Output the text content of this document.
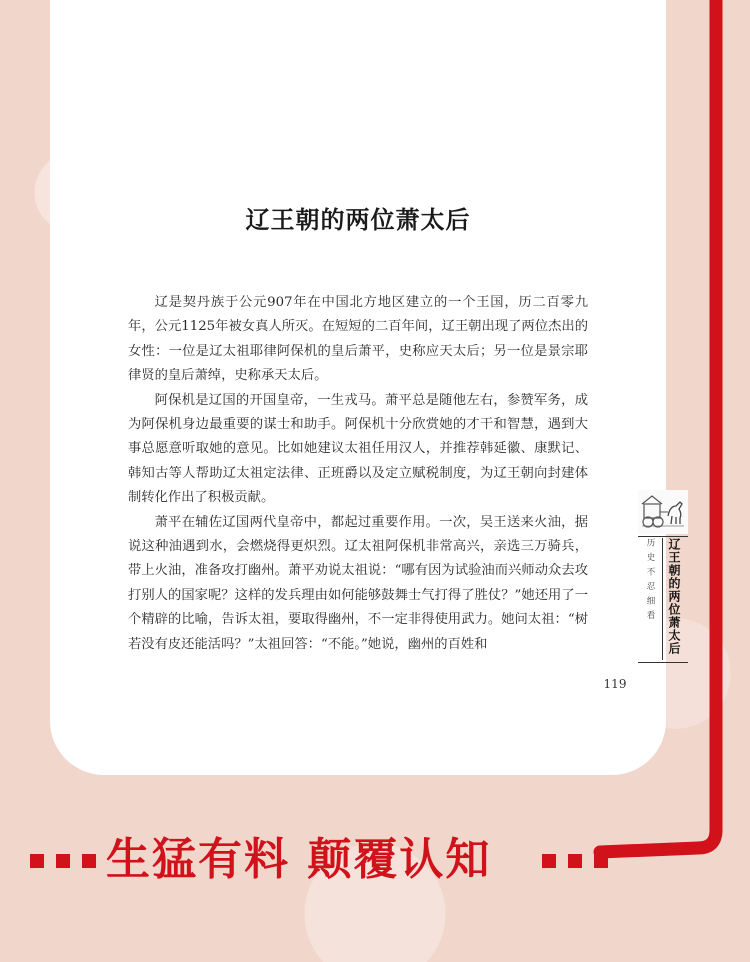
辽王朝的两位萧太后

辽是契丹族于公元907年在中国北方地区建立的一个王国，历二百零九年，公元1125年被女真人所灭。在短短的二百年间，辽王朝出现了两位杰出的女性：一位是辽太祖耶律阿保机的皇后萧平，史称应天太后；另一位是景宗耶律贤的皇后萧绰，史称承天太后。

阿保机是辽国的开国皇帝，一生戎马。萧平总是随他左右，参赞军务，成为阿保机身边最重要的谋士和助手。阿保机十分欣赏她的才干和智慧，遇到大事总愿意听取她的意见。比如她建议太祖任用汉人，并推荐韩延徽、康默记、韩知古等人帮助辽太祖定法律、正班爵以及定立赋税制度，为辽王朝向封建体制转化作出了积极贡献。

萧平在辅佐辽国两代皇帝中，都起过重要作用。一次，吴王送来火油，据说这种油遇到水，会燃烧得更炽烈。辽太祖阿保机非常高兴，亲选三万骑兵，带上火油，准备攻打幽州。萧平劝说太祖说：“哪有因为试验油而兴师动众去攻打别人的国家呢？这样的发兵理由如何能够鼓舞士气打得了胜仗？”她还用了一个精辟的比喻，告诉太祖，要取得幽州，不一定非得使用武力。她问太祖：“树若没有皮还能活吗？”太祖回答：“不能。”她说，幽州的百姓和

历史不忍细看 辽王朝的两位萧太后
119
生猛有料 颠覆认知
